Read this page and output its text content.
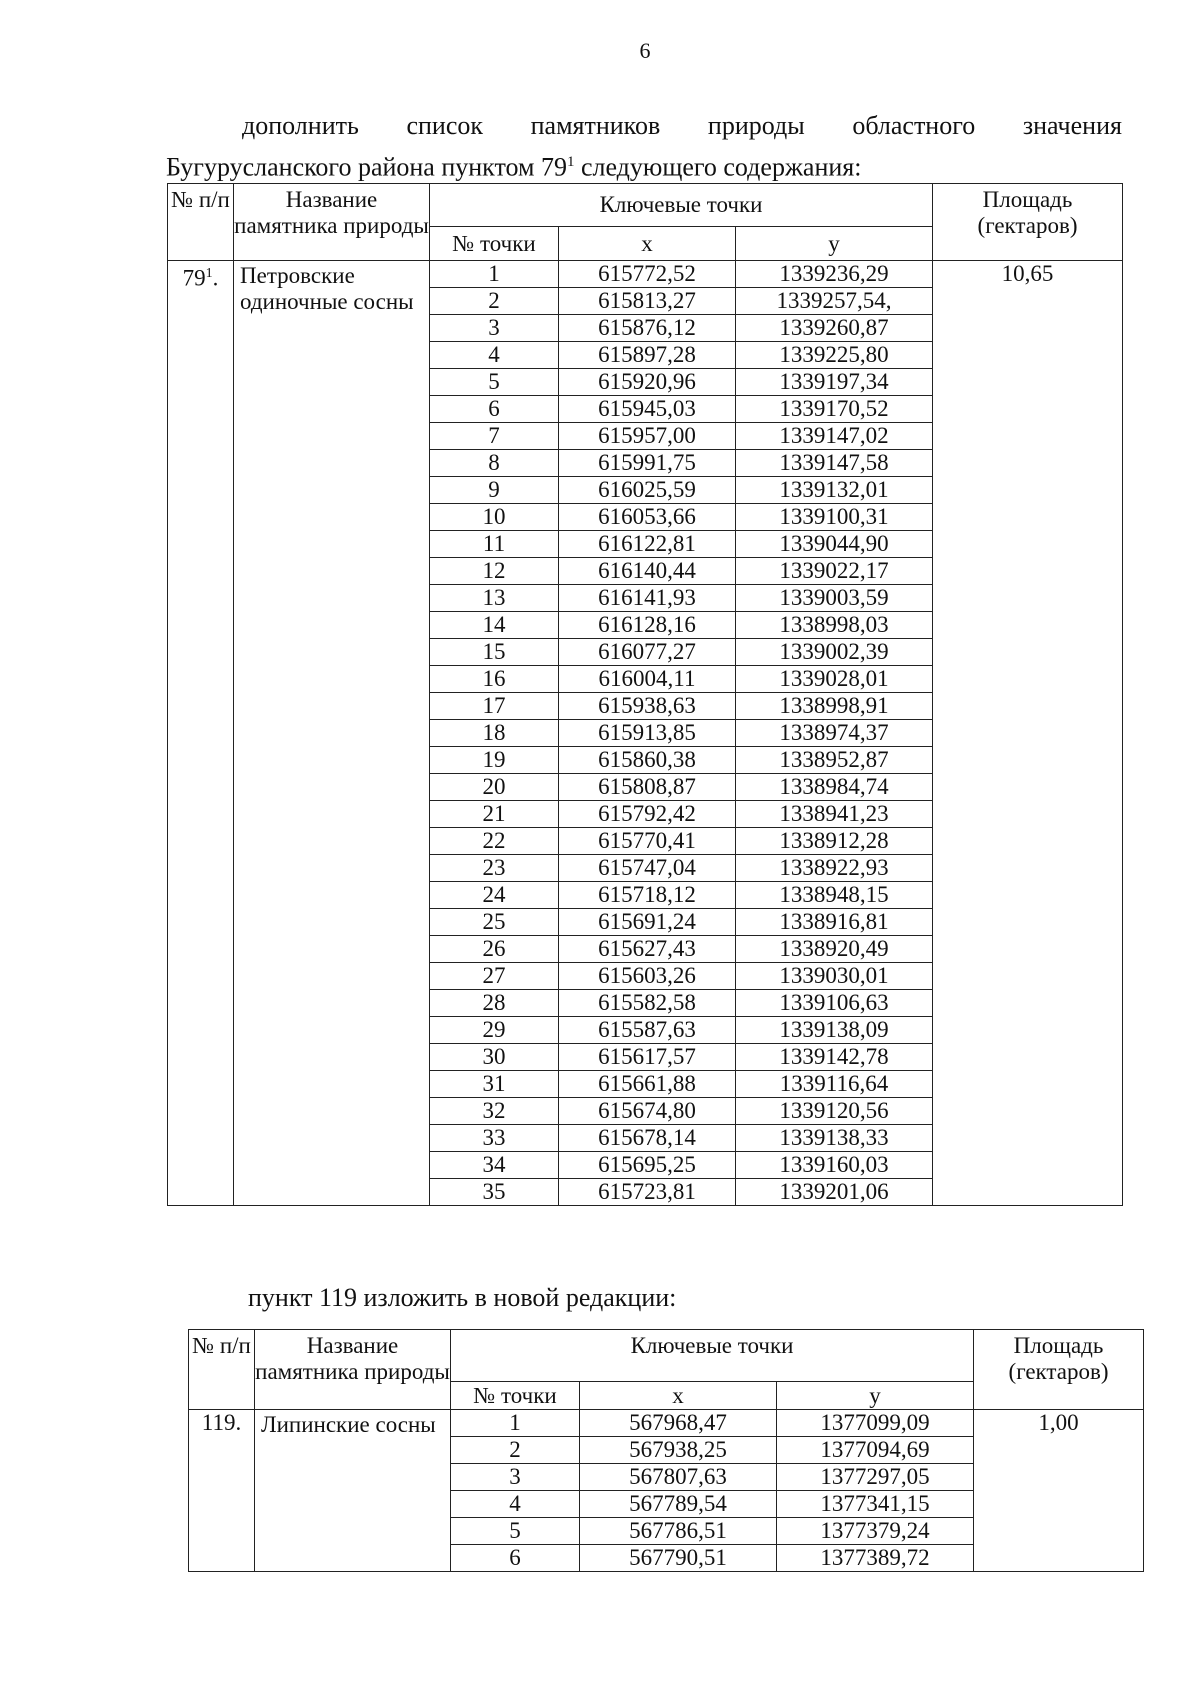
6
дополнить список памятников природы областного значения
Бугурусланского района пунктом $79^1$ следующего содержания:
№ п/п	Название памятника природы	Ключевые точки			Площадь (гектаров)
		№ точки	x	y	
$79^1$.	Петровские одиночные сосны	1	615772,52	1339236,29	10,65
		2	615813,27	1339257,54,	
		3	615876,12	1339260,87	
		4	615897,28	1339225,80	
		5	615920,96	1339197,34	
		6	615945,03	1339170,52	
		7	615957,00	1339147,02	
		8	615991,75	1339147,58	
		9	616025,59	1339132,01	
		10	616053,66	1339100,31	
		11	616122,81	1339044,90	
		12	616140,44	1339022,17	
		13	616141,93	1339003,59	
		14	616128,16	1338998,03	
		15	616077,27	1339002,39	
		16	616004,11	1339028,01	
		17	615938,63	1338998,91	
		18	615913,85	1338974,37	
		19	615860,38	1338952,87	
		20	615808,87	1338984,74	
		21	615792,42	1338941,23	
		22	615770,41	1338912,28	
		23	615747,04	1338922,93	
		24	615718,12	1338948,15	
		25	615691,24	1338916,81	
		26	615627,43	1338920,49	
		27	615603,26	1339030,01	
		28	615582,58	1339106,63	
		29	615587,63	1339138,09	
		30	615617,57	1339142,78	
		31	615661,88	1339116,64	
		32	615674,80	1339120,56	
		33	615678,14	1339138,33	
		34	615695,25	1339160,03	
		35	615723,81	1339201,06	
пункт 119 изложить в новой редакции:
№ п/п	Название памятника природы	Ключевые точки			Площадь (гектаров)
		№ точки	x	y	
119.	Липинские сосны	1	567968,47	1377099,09	1,00
		2	567938,25	1377094,69	
		3	567807,63	1377297,05	
		4	567789,54	1377341,15	
		5	567786,51	1377379,24	
		6	567790,51	1377389,72	
